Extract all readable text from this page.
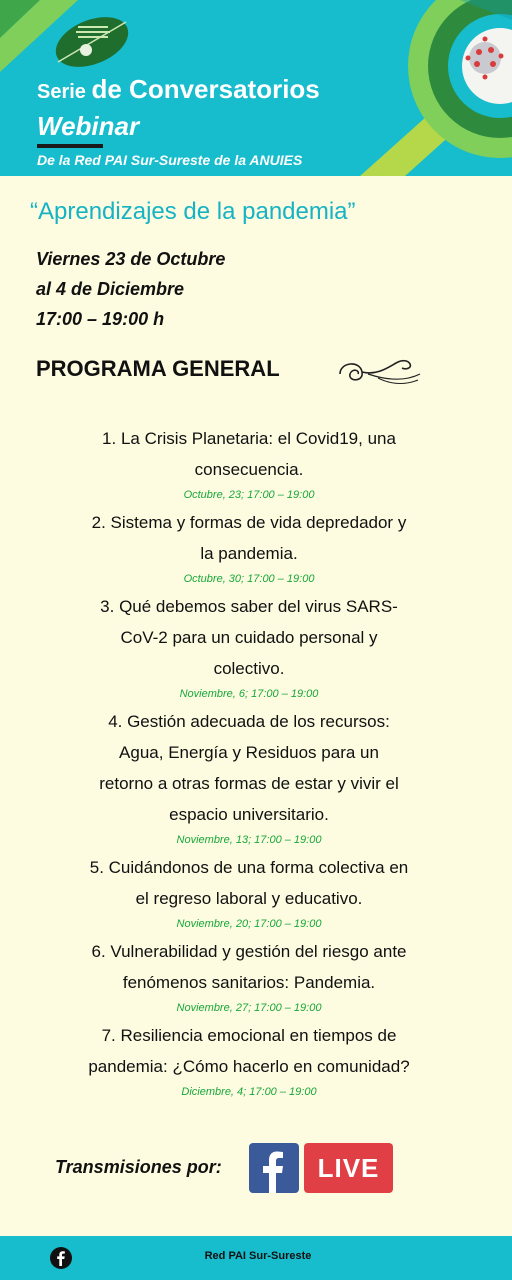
Serie de Conversatorios
Webinar
De la Red PAI Sur-Sureste de la ANUIES
“Aprendizajes de la pandemia”
Viernes 23 de Octubre
al 4 de Diciembre
17:00 – 19:00 h
PROGRAMA GENERAL
1. La Crisis Planetaria: el Covid19, una
consecuencia.
Octubre, 23; 17:00 – 19:00
2. Sistema y formas de vida depredador y
la pandemia.
Octubre, 30; 17:00 – 19:00
3. Qué debemos saber del virus SARS-
CoV-2 para un cuidado personal y
colectivo.
Noviembre, 6; 17:00 – 19:00
4. Gestión adecuada de los recursos:
Agua, Energía y Residuos para un
retorno a otras formas de estar y vivir el
espacio universitario.
Noviembre, 13; 17:00 – 19:00
5. Cuidándonos de una forma colectiva en
el regreso laboral y educativo.
Noviembre, 20; 17:00 – 19:00
6. Vulnerabilidad y gestión del riesgo ante
fenómenos sanitarios: Pandemia.
Noviembre, 27; 17:00 – 19:00
7. Resiliencia emocional en tiempos de
pandemia: ¿Cómo hacerlo en comunidad?
Diciembre, 4; 17:00 – 19:00
Transmisiones por:	LIVE
Red PAI Sur-Sureste
